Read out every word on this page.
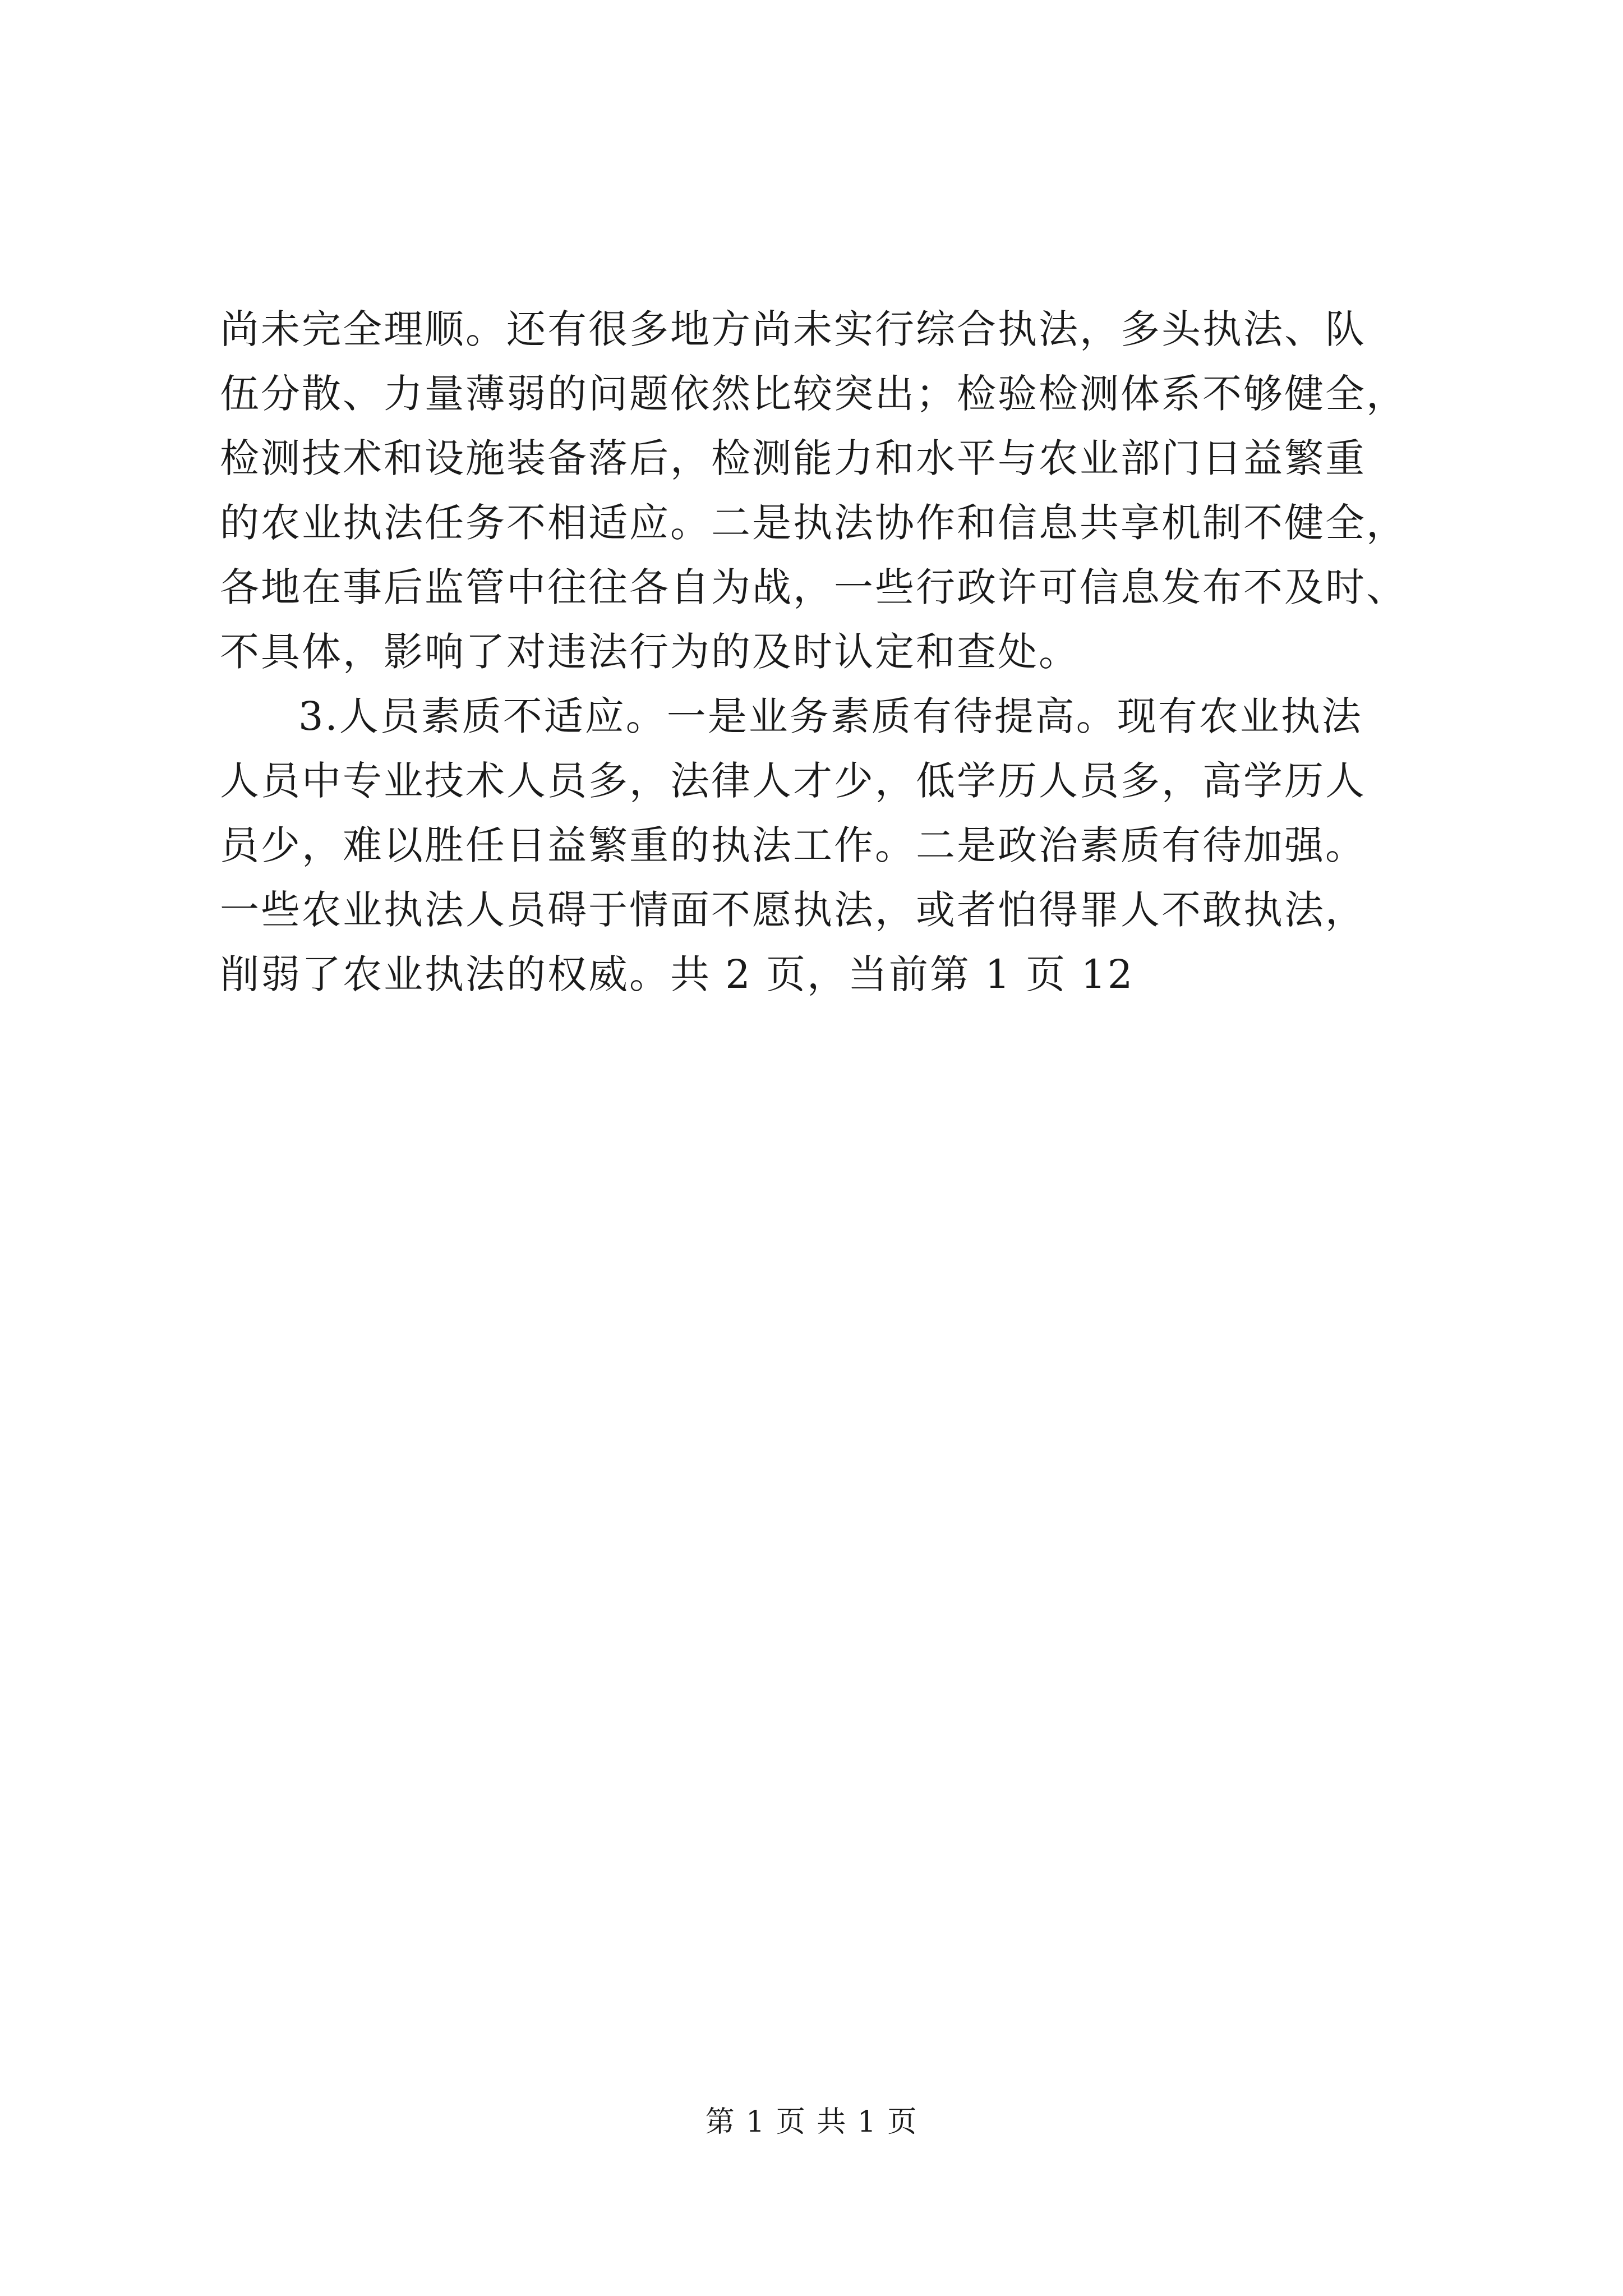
尚未完全理顺。还有很多地方尚未实行综合执法，多头执法、队
伍分散、力量薄弱的问题依然比较突出；检验检测体系不够健全，
检测技术和设施装备落后，检测能力和水平与农业部门日益繁重
的农业执法任务不相适应。二是执法协作和信息共享机制不健全，
各地在事后监管中往往各自为战，一些行政许可信息发布不及时、
不具体，影响了对违法行为的及时认定和查处。
3.人员素质不适应。一是业务素质有待提高。现有农业执法
人员中专业技术人员多，法律人才少，低学历人员多，高学历人
员少，难以胜任日益繁重的执法工作。二是政治素质有待加强。
一些农业执法人员碍于情面不愿执法，或者怕得罪人不敢执法，
削弱了农业执法的权威。共 2 页，当前第 1 页 12
第 1 页 共 1 页
